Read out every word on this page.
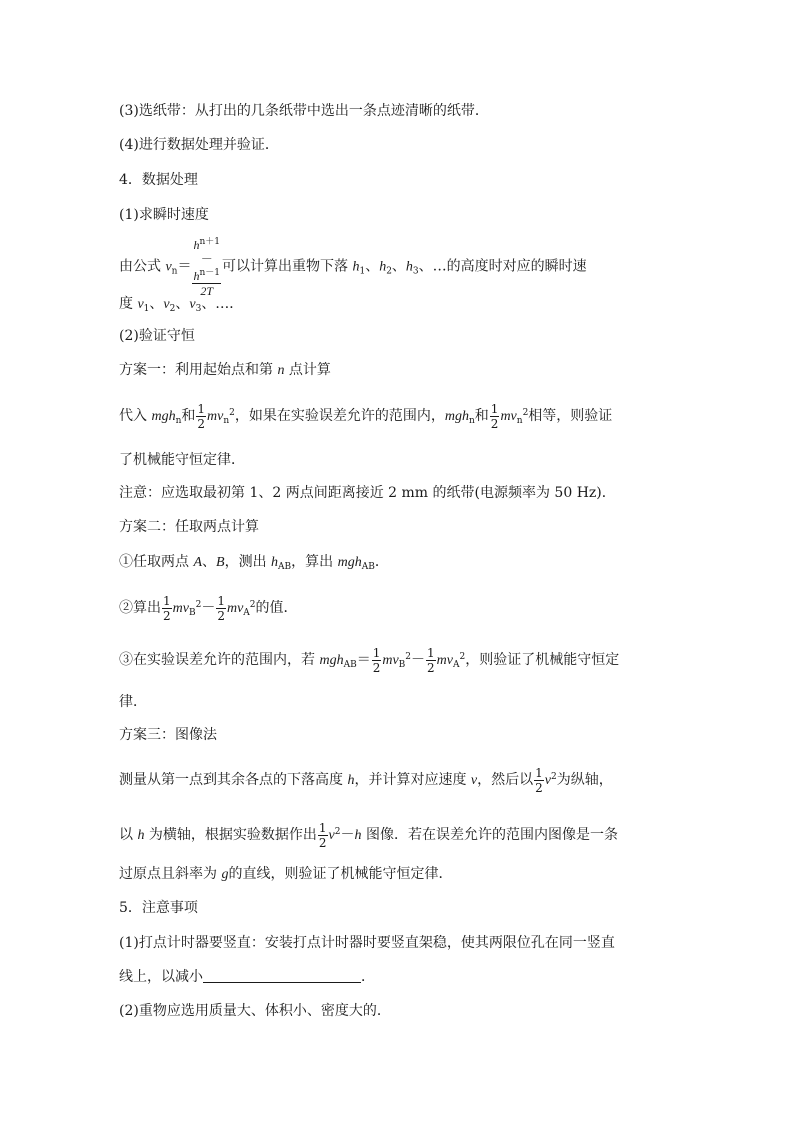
(3)选纸带：从打出的几条纸带中选出一条点迹清晰的纸带．
(4)进行数据处理并验证．
4．数据处理
(1)求瞬时速度
由公式 $v_n= h^{n+1}$
－
$h^{n-1}$
2T 可以计算出重物下落 $h_1$、$h_2$、$h_3$、…的高度时对应的瞬时速
度 $v_1$、$v_2$、$v_3$、…．
(2)验证守恒
方案一：利用起始点和第 n 点计算
代入 mgh$_n$和 $\frac{1}{2} mv_n^2$，如果在实验误差允许的范围内，mgh$_n$和 $\frac{1}{2} mv_n^2$相等，则验证
了机械能守恒定律．
注意：应选取最初第 1、2 两点间距离接近 2 mm 的纸带(电源频率为 50 Hz)．
方案二：任取两点计算
①任取两点 A、B，测出 $h_{AB}$，算出 mgh$_{AB}$．
②算出 $\frac{1}{2} mv_B^2- \frac{1}{2} mv_A^2$的值．
③在实验误差允许的范围内，若 $mgh_{AB}= \frac{1}{2} mv_B^2- \frac{1}{2} mv_A^2$，则验证了机械能守恒定
律．
方案三：图像法
测量从第一点到其余各点的下落高度 h，并计算对应速度 v，然后以 $\frac{1}{2} v^2$为纵轴，
以 h 为横轴，根据实验数据作出 $\frac{1}{2} v^2-h$ 图像．若在误差允许的范围内图像是一条
过原点且斜率为 g的直线，则验证了机械能守恒定律．
5．注意事项
(1)打点计时器要竖直：安装打点计时器时要竖直架稳，使其两限位孔在同一竖直
线上，以减小	．
(2)重物应选用质量大、体积小、密度大的．
